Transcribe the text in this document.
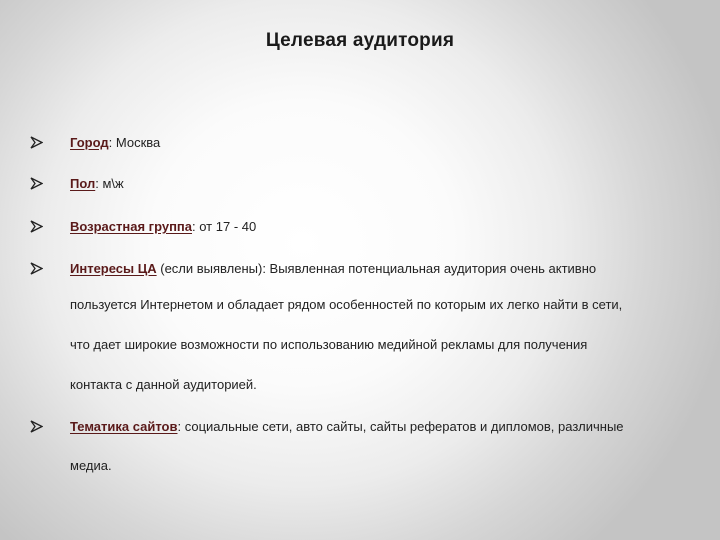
Целевая аудитория
Город: Москва
Пол: м\ж
Возрастная группа: от 17 - 40
Интересы ЦА (если выявлены): Выявленная потенциальная аудитория очень активно
пользуется Интернетом и обладает рядом особенностей по которым их легко найти в сети,
что дает широкие возможности по использованию медийной рекламы для получения
контакта с данной аудиторией.
Тематика сайтов: социальные сети, авто сайты, сайты рефератов и дипломов, различные
медиа.
